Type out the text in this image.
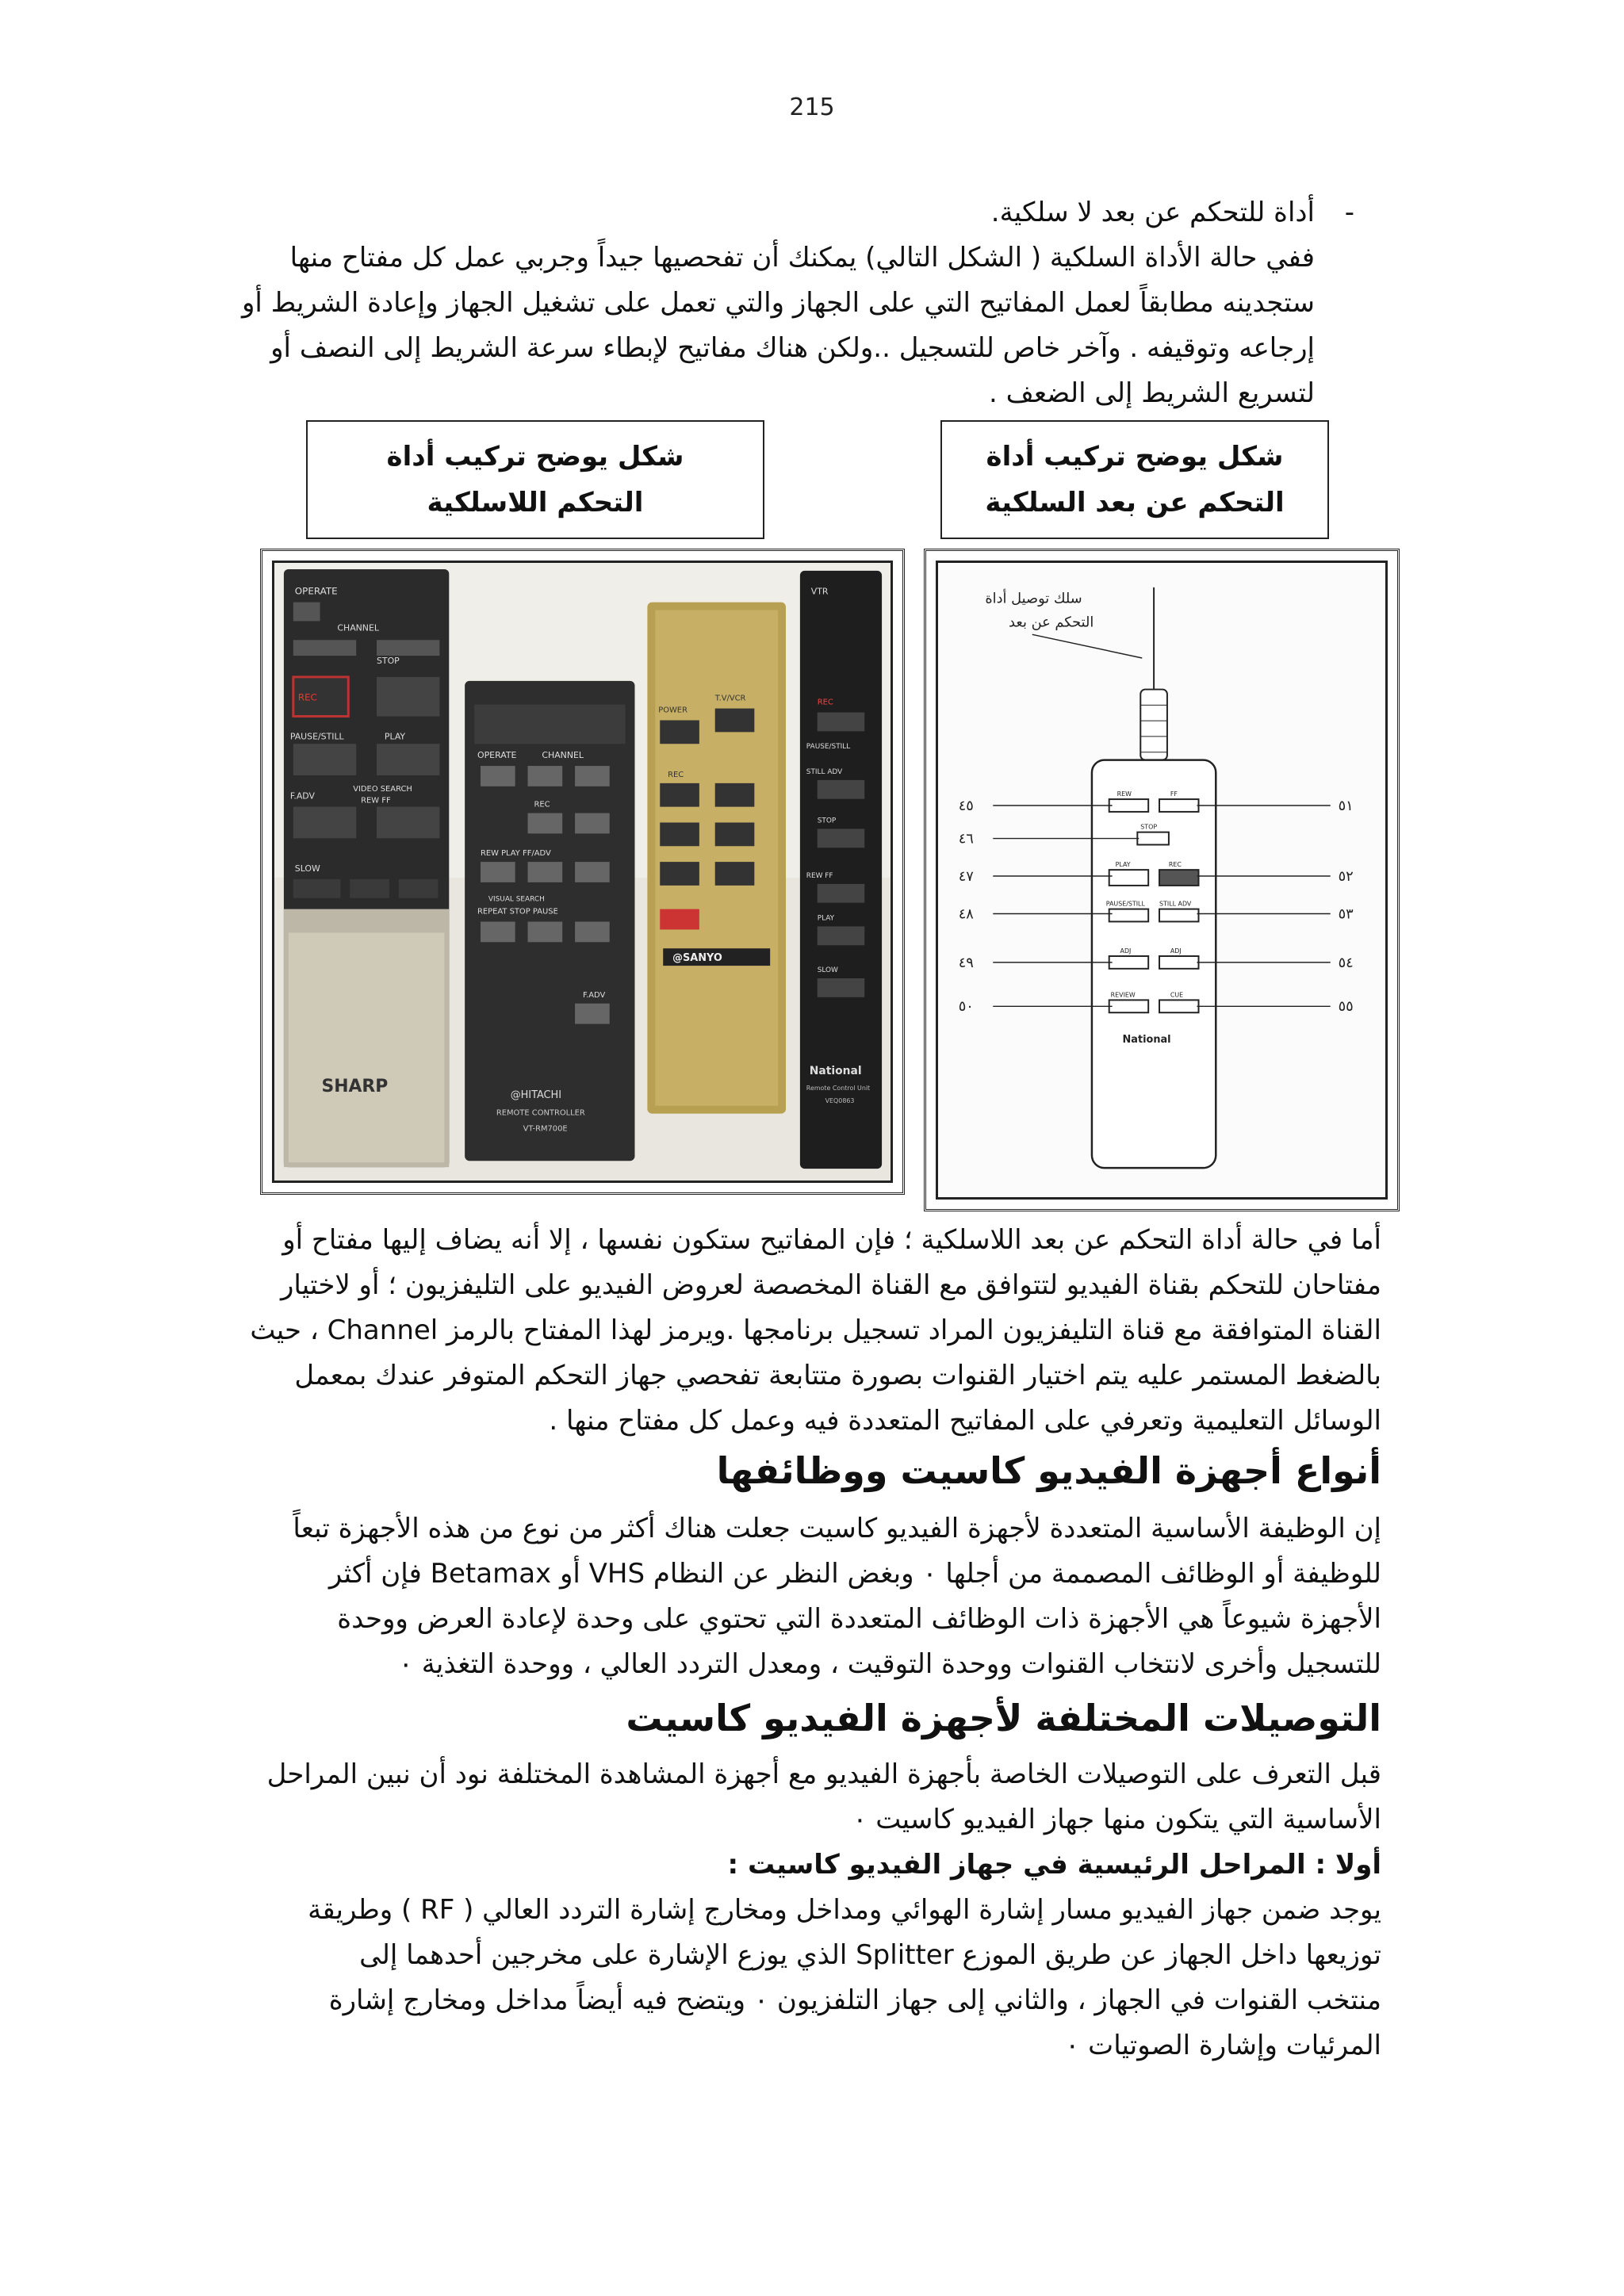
215
-
أداة للتحكم عن بعد لا سلكية.

ففي حالة الأداة السلكية ( الشكل التالي) يمكنك أن تفحصيها جيداً وجربي عمل كل مفتاح منها

ستجدينه مطابقاً لعمل المفاتيح التي على الجهاز والتي تعمل على تشغيل الجهاز وإعادة الشريط أو

إرجاعه وتوقيفه . وآخر خاص للتسجيل ..ولكن هناك مفاتيح لإبطاء سرعة الشريط إلى النصف أو

لتسريع الشريط إلى الضعف .

شكل يوضح تركيب أداة التحكم عن بعد السلكية
شكل يوضح تركيب أداة التحكم اللاسلكية
OPERATE
CHANNEL
STOP
REC
PAUSE/STILL	PLAY
F.ADV
VIDEO SEARCH
REW FF
SLOW
SHARP
OPERATE	CHANNEL
REC
REW PLAY FF/ADV
VISUAL SEARCH
REPEAT STOP PAUSE
F.ADV
@HITACHI
REMOTE CONTROLLER
VT-RM700E
POWER
T.V/VCR
REC
@SANYO
VTR
REC
PAUSE/STILL
STILL ADV
STOP
REW FF
PLAY
SLOW
National
Remote Control Unit
VEQ0863
سلك توصيل أداة
التحكم عن بعد
REW	FF
STOP
PLAY	REC
PAUSE/STILL STILL ADV
ADJ	ADJ
REVIEW	CUE
National
٤٥
٤٦
٤٧
٤٨
٤٩
٥٠
٥١
٥٢
٥٣
٥٤
٥٥

أما في حالة أداة التحكم عن بعد اللاسلكية ؛ فإن المفاتيح ستكون نفسها ، إلا أنه يضاف إليها مفتاح أو

مفتاحان للتحكم بقناة الفيديو لتتوافق مع القناة المخصصة لعروض الفيديو على التليفزيون ؛ أو لاختيار

القناة المتوافقة مع قناة التليفزيون المراد تسجيل برنامجها .ويرمز لهذا المفتاح بالرمز Channel ، حيث

بالضغط المستمر عليه يتم اختيار القنوات بصورة متتابعة تفحصي جهاز التحكم المتوفر عندك بمعمل

الوسائل التعليمية وتعرفي على المفاتيح المتعددة فيه وعمل كل مفتاح منها .

أنواع أجهزة الفيديو كاسيت ووظائفها

إن الوظيفة الأساسية المتعددة لأجهزة الفيديو كاسيت جعلت هناك أكثر من نوع من هذه الأجهزة تبعاً

للوظيفة أو الوظائف المصممة من أجلها ٠ وبغض النظر عن النظام VHS أو Betamax فإن أكثر

الأجهزة شيوعاً هي الأجهزة ذات الوظائف المتعددة التي تحتوي على وحدة لإعادة العرض ووحدة

للتسجيل وأخرى لانتخاب القنوات ووحدة التوقيت ، ومعدل التردد العالي ، ووحدة التغذية ٠

التوصيلات المختلفة لأجهزة الفيديو كاسيت

قبل التعرف على التوصيلات الخاصة بأجهزة الفيديو مع أجهزة المشاهدة المختلفة نود أن نبين المراحل

الأساسية التي يتكون منها جهاز الفيديو كاسيت ٠

أولا : المراحل الرئيسية في جهاز الفيديو كاسيت :

يوجد ضمن جهاز الفيديو مسار إشارة الهوائي ومداخل ومخارج إشارة التردد العالي ( RF ) وطريقة

توزيعها داخل الجهاز عن طريق الموزع Splitter الذي يوزع الإشارة على مخرجين أحدهما إلى

منتخب القنوات في الجهاز ، والثاني إلى جهاز التلفزيون ٠ ويتضح فيه أيضاً مداخل ومخارج إشارة

المرئيات وإشارة الصوتيات ٠
